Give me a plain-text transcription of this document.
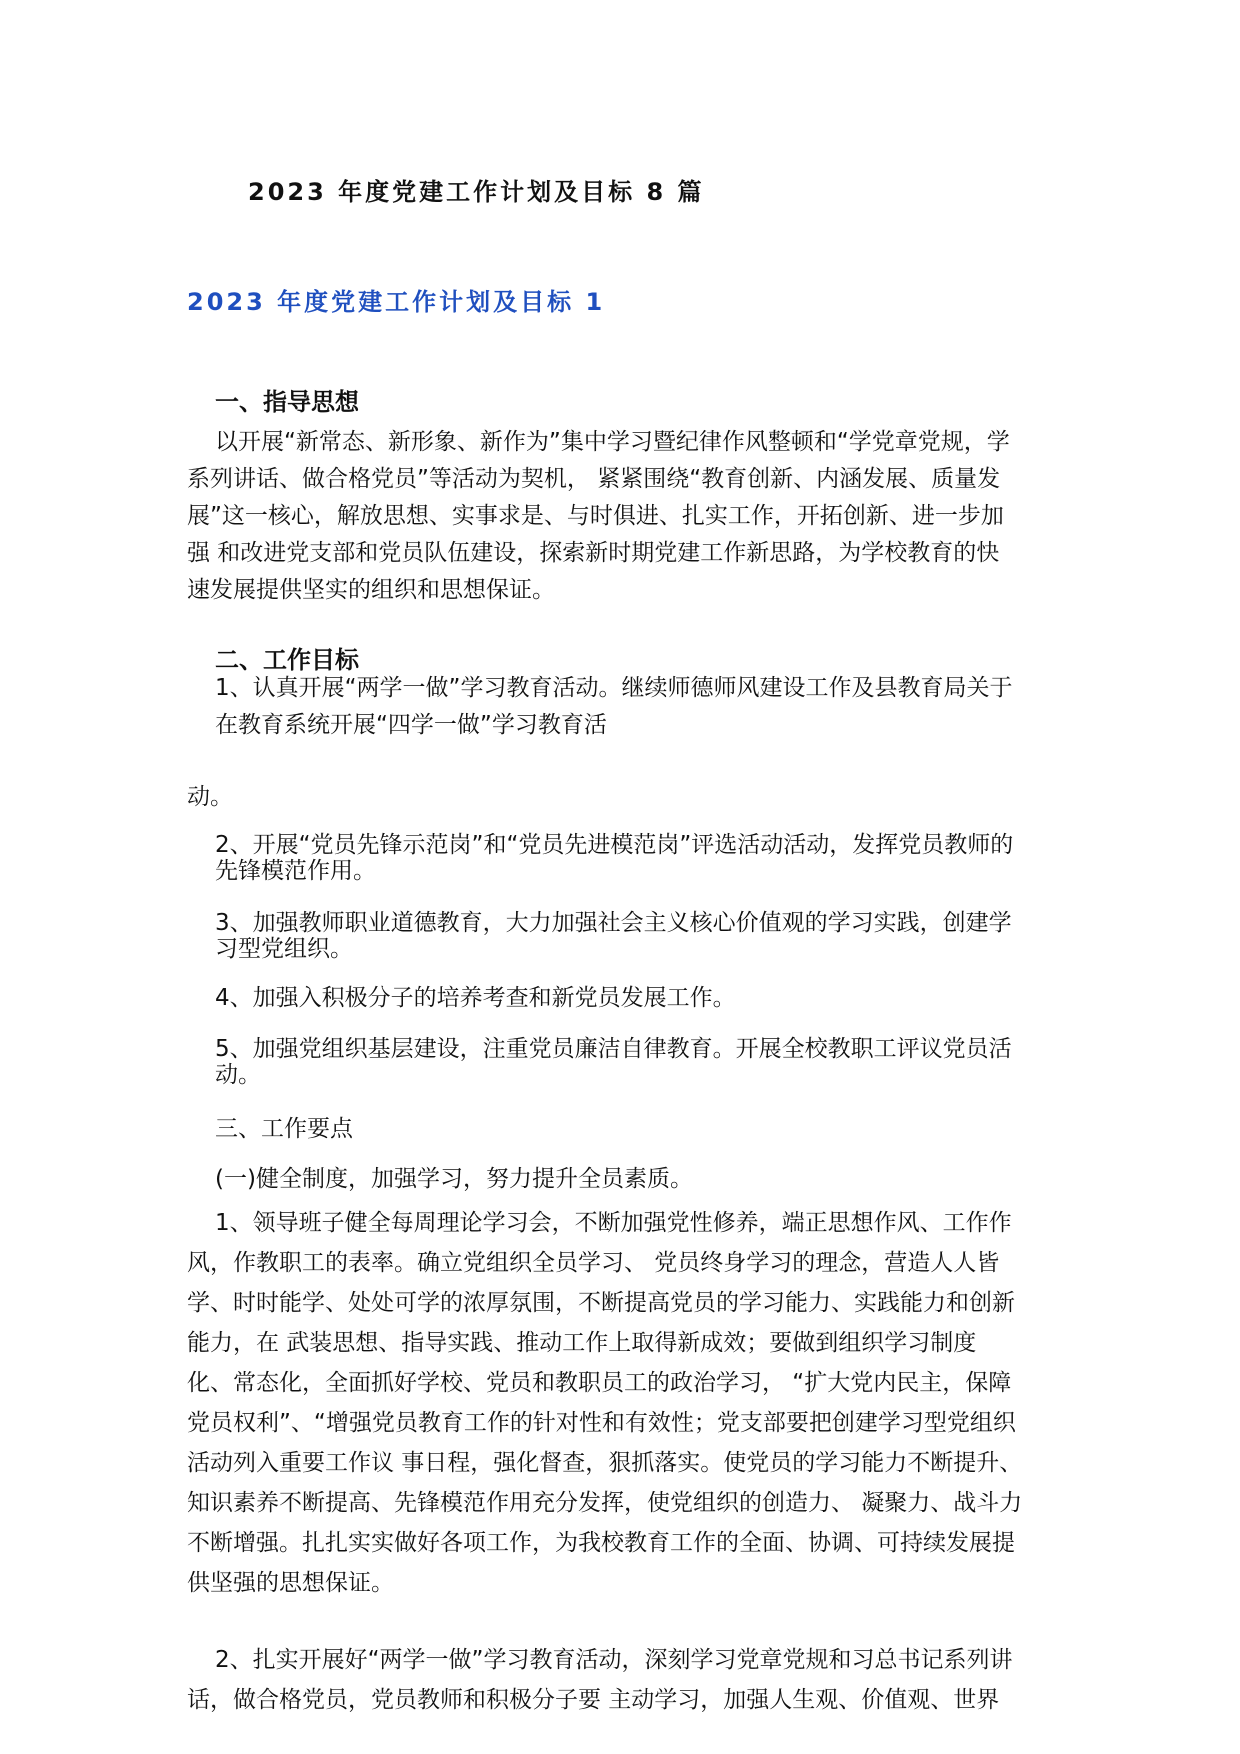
2023 年度党建工作计划及目标 8 篇
2023 年度党建工作计划及目标 1
一、指导思想

以开展“新常态、新形象、新作为”集中学习暨纪律作风整顿和“学党章党规，学
系列讲话、做合格党员”等活动为契机， 紧紧围绕“教育创新、内涵发展、质量发
展”这一核心，解放思想、实事求是、与时俱进、扎实工作，开拓创新、进一步加
强 和改进党支部和党员队伍建设，探索新时期党建工作新思路，为学校教育的快
速发展提供坚实的组织和思想保证。

二、工作目标

1、认真开展“两学一做”学习教育活动。继续师德师风建设工作及县教育局关于
在教育系统开展“四学一做”学习教育活

动。

2、开展“党员先锋示范岗”和“党员先进模范岗”评选活动活动，发挥党员教师的
先锋模范作用。

3、加强教师职业道德教育，大力加强社会主义核心价值观的学习实践，创建学
习型党组织。

4、加强入积极分子的培养考查和新党员发展工作。

5、加强党组织基层建设，注重党员廉洁自律教育。开展全校教职工评议党员活
动。

三、工作要点
(一)健全制度，加强学习，努力提升全员素质。

1、领导班子健全每周理论学习会，不断加强党性修养，端正思想作风、工作作
风，作教职工的表率。确立党组织全员学习、 党员终身学习的理念，营造人人皆
学、时时能学、处处可学的浓厚氛围，不断提高党员的学习能力、实践能力和创新
能力，在 武装思想、指导实践、推动工作上取得新成效；要做到组织学习制度
化、常态化，全面抓好学校、党员和教职员工的政治学习， “扩大党内民主，保障
党员权利”、“增强党员教育工作的针对性和有效性；党支部要把创建学习型党组织
活动列入重要工作议 事日程，强化督查，狠抓落实。使党员的学习能力不断提升、
知识素养不断提高、先锋模范作用充分发挥，使党组织的创造力、 凝聚力、战斗力
不断增强。扎扎实实做好各项工作，为我校教育工作的全面、协调、可持续发展提
供坚强的思想保证。

2、扎实开展好“两学一做”学习教育活动，深刻学习党章党规和习总书记系列讲
话，做合格党员，党员教师和积极分子要 主动学习，加强人生观、价值观、世界
